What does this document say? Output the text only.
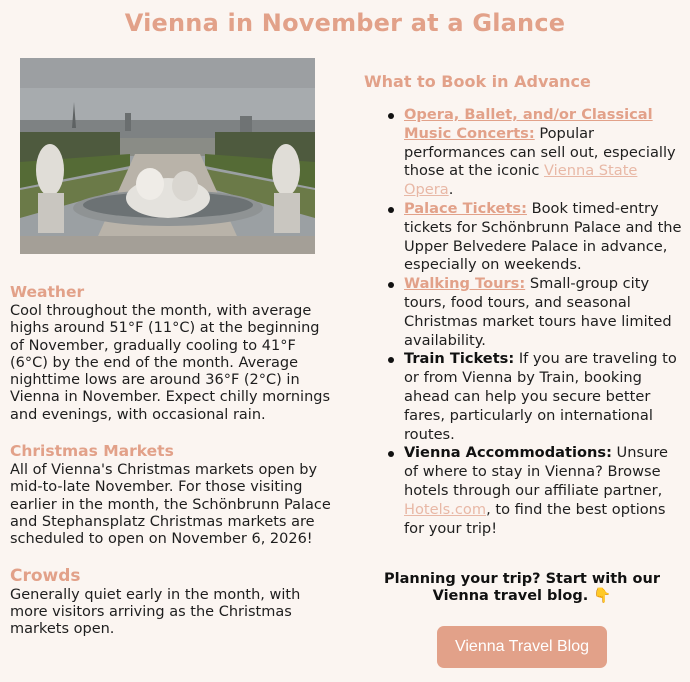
Vienna in November at a Glance
Weather
Cool throughout the month, with average highs around 51°F (11°C) at the beginning of November, gradually cooling to 41°F (6°C) by the end of the month. Average nighttime lows are around 36°F (2°C) in Vienna in November. Expect chilly mornings and evenings, with occasional rain.
Christmas Markets
All of Vienna's Christmas markets open by mid-to-late November. For those visiting earlier in the month, the Schönbrunn Palace and Stephansplatz Christmas markets are scheduled to open on November 6, 2026!
Crowds
Generally quiet early in the month, with more visitors arriving as the Christmas markets open.
What to Book in Advance
Opera, Ballet, and/or Classical Music Concerts: Popular performances can sell out, especially those at the iconic Vienna State Opera.
Palace Tickets: Book timed-entry tickets for Schönbrunn Palace and the Upper Belvedere Palace in advance, especially on weekends.
Walking Tours: Small-group city tours, food tours, and seasonal Christmas market tours have limited availability.
Train Tickets: If you are traveling to or from Vienna by Train, booking ahead can help you secure better fares, particularly on international routes.
Vienna Accommodations: Unsure of where to stay in Vienna? Browse hotels through our affiliate partner, Hotels.com, to find the best options for your trip!
Planning your trip? Start with our Vienna travel blog. 👇
Vienna Travel Blog
